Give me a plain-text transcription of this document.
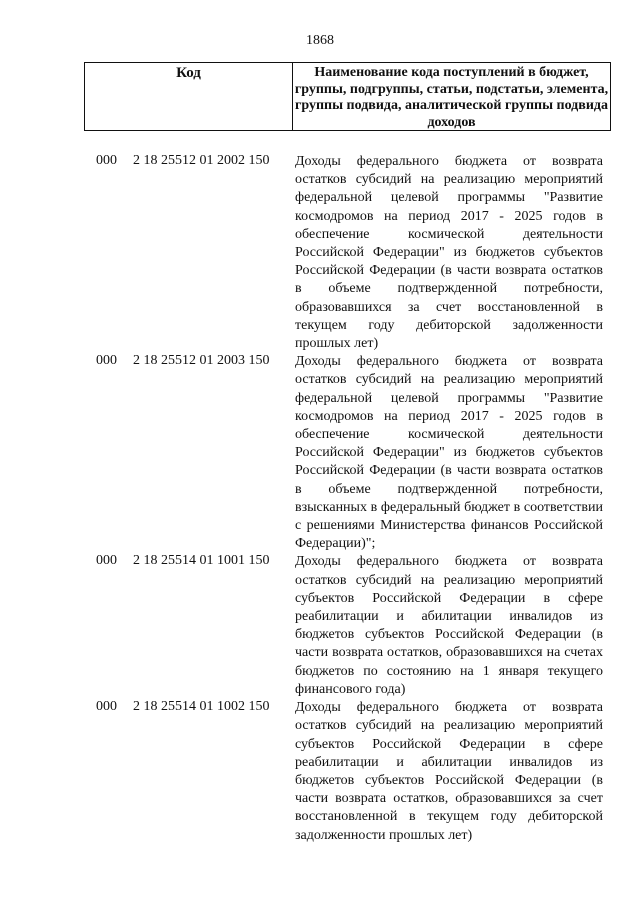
1868
Код	Наименование кода поступлений в бюджет, группы, подгруппы, статьи, подстатьи, элемента, группы подвида, аналитической группы подвида доходов
000 2 18 25512 01 2002 150 Доходы федерального бюджета от возврата остатков субсидий на реализацию мероприятий федеральной целевой программы "Развитие космодромов на период 2017 - 2025 годов в обеспечение космической деятельности Российской Федерации" из бюджетов субъектов Российской Федерации (в части возврата остатков в объеме подтвержденной потребности, образовавшихся за счет восстановленной в текущем году дебиторской задолженности прошлых лет)
000 2 18 25512 01 2003 150 Доходы федерального бюджета от возврата остатков субсидий на реализацию мероприятий федеральной целевой программы "Развитие космодромов на период 2017 - 2025 годов в обеспечение космической деятельности Российской Федерации" из бюджетов субъектов Российской Федерации (в части возврата остатков в объеме подтвержденной потребности, взысканных в федеральный бюджет в соответствии с решениями Министерства финансов Российской Федерации)";
000 2 18 25514 01 1001 150 Доходы федерального бюджета от возврата остатков субсидий на реализацию мероприятий субъектов Российской Федерации в сфере реабилитации и абилитации инвалидов из бюджетов субъектов Российской Федерации (в части возврата остатков, образовавшихся на счетах бюджетов по состоянию на 1 января текущего финансового года)
000 2 18 25514 01 1002 150 Доходы федерального бюджета от возврата остатков субсидий на реализацию мероприятий субъектов Российской Федерации в сфере реабилитации и абилитации инвалидов из бюджетов субъектов Российской Федерации (в части возврата остатков, образовавшихся за счет восстановленной в текущем году дебиторской задолженности прошлых лет)
